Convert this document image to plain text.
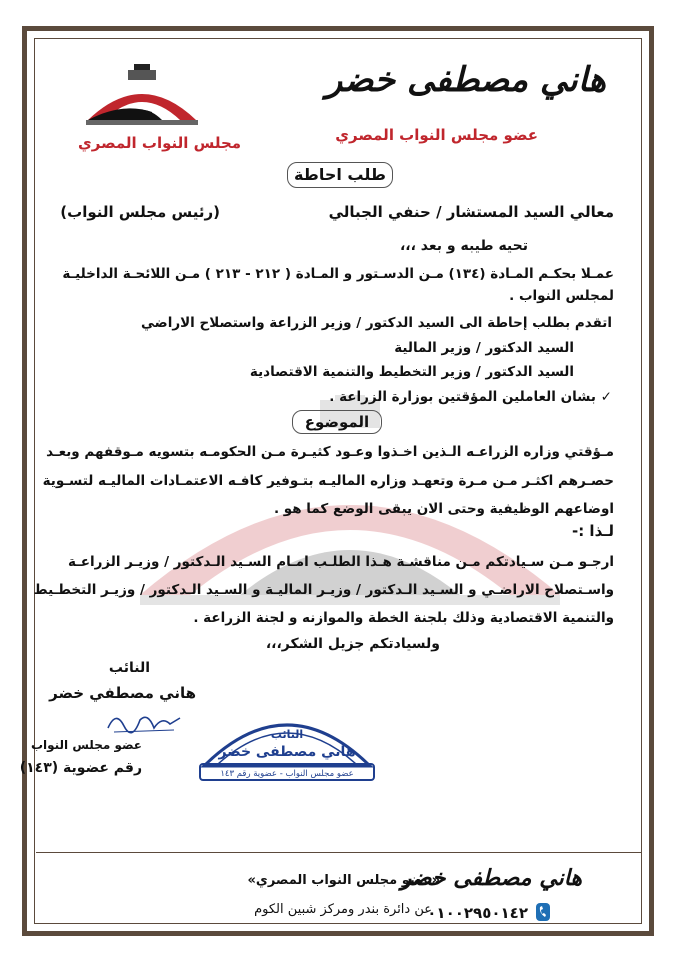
هاني مصطفى خضر
عضو مجلس النواب المصري
مجلس النواب المصري
طلب احاطة
معالي السيد المستشار / حنفي الجبالي
(رئيس مجلس النواب)
تحيه طيبه و بعد ،،،
عمـلا بحكـم المـادة (١٣٤) مـن الدسـتور و المـادة ( ٢١٢ - ٢١٣ ) مـن اللائحـة الداخليـة
لمجلس النواب .
اتقدم بطلب إحاطة الى السيد الدكتور / وزير الزراعة واستصلاح الاراضي
السيد الدكتور / وزير المالية
السيد الدكتور / وزير التخطيط والتنمية الاقتصادية
✓ بشان العاملين المؤقتين بوزارة الزراعة .
الموضوع
مـؤقتي وزاره الزراعـه الـذين اخـذوا وعـود كثيـرة مـن الحكومـه بتسويه مـوقفهم وبعـد
حصـرهم اكثـر مـن مـرة وتعهـد وزاره الماليـه بتـوفير كافـه الاعتمـادات الماليـه لتسـوية
اوضاعهم الوظيفية وحتى الان يبقى الوضع كما هو .
لـذا :-
ارجـو مـن سـيادتكم مـن مناقشـة هـذا الطلـب امـام السـيد الـدكتور / وزيـر الزراعـة
واسـتصلاح الاراضـي و السـيد الـدكتور / وزيـر الماليـة و السـيد الـدكتور / وزيـر التخطـيط
والتنمية الاقتصادية وذلك بلجنة الخطة والموازنه و لجنة الزراعة .
ولسيادتكم جزيل الشكر،،،
النائب
هاني مصطفي خضر
عضو مجلس النواب
رقم عضوية (١٤٣)
النائب
هاني مصطفى خضر
عضو مجلس النواب - عضوية رقم ١٤٣
هاني مصطفى خضر
«عضو مجلس النواب المصري»
عن دائرة بندر ومركز شبين الكوم
٠١٠٠٢٩٥٠١٤٢
